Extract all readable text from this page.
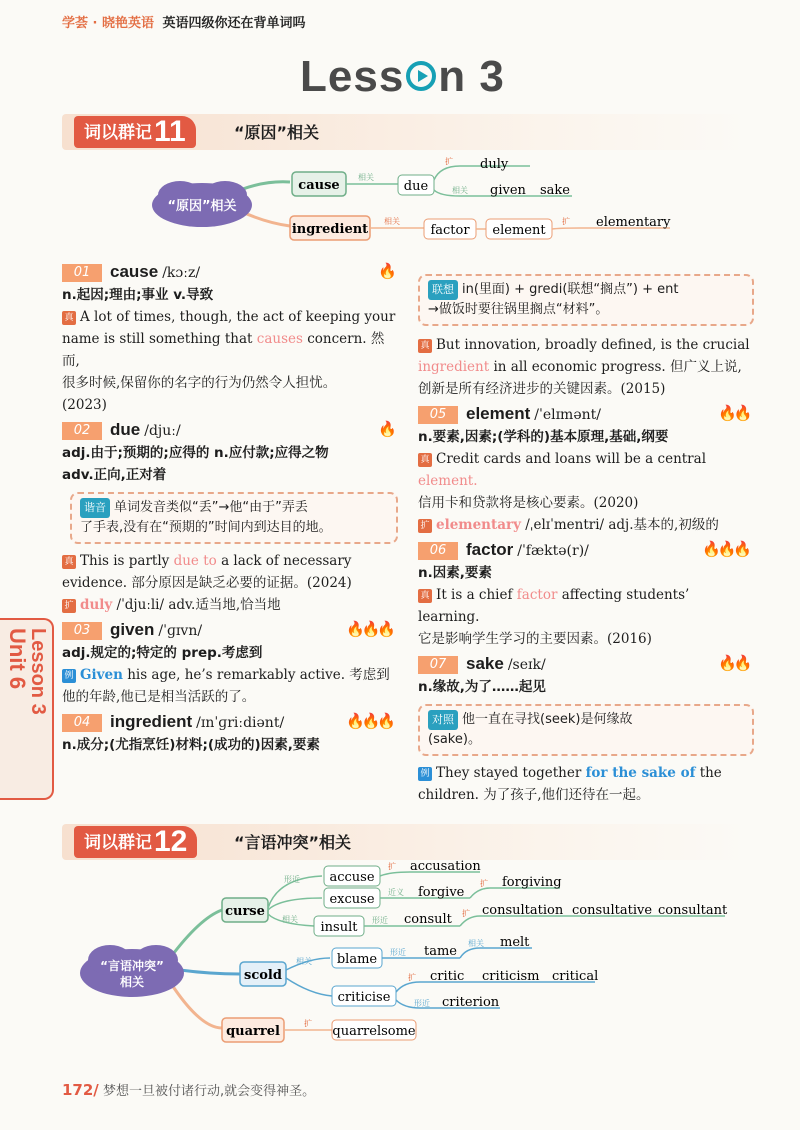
学荟 · 晓艳英语 英语四级你还在背单词吗
Less n 3
词以群记11	“原因”相关
“原因”相关
cause
相关
due
扩 duly
相关 given sake
ingredient
相关
factor element
扩 elementary
Unit 6
Lesson 3
01 cause /kɔːz/	🔥
n.起因;理由;事业 v.导致
真 A lot of times, though, the act of keeping your
name is still something that causes concern. 然而,
很多时候,保留你的名字的行为仍然令人担忧。
(2023)
02 due /djuː/	🔥
adj.由于;预期的;应得的 n.应付款;应得之物
adv.正向,正对着
谐音 单词发音类似“丢”→他“由于”弄丢
了手表,没有在“预期的”时间内到达目的地。
真 This is partly due to a lack of necessary
evidence. 部分原因是缺乏必要的证据。(2024)
扩 duly /ˈdjuːli/ adv.适当地,恰当地
03 given /ˈɡɪvn/	🔥🔥🔥
adj.规定的;特定的 prep.考虑到
例 Given his age, he’s remarkably active. 考虑到
他的年龄,他已是相当活跃的了。
04 ingredient /ɪnˈɡriːdiənt/	🔥🔥🔥
n.成分;(尤指烹饪)材料;(成功的)因素,要素
联想 in(里面) + gredi(联想“搁点”) + ent
→做饭时要往锅里搁点“材料”。
真 But innovation, broadly defined, is the crucial
ingredient in all economic progress. 但广义上说,
创新是所有经济进步的关键因素。(2015)
05 element /ˈelɪmənt/	🔥🔥
n.要素,因素;(学科的)基本原理,基础,纲要
真 Credit cards and loans will be a central element.
信用卡和贷款将是核心要素。(2020)
扩 elementary /ˌelɪˈmentri/ adj.基本的,初级的
06 factor /ˈfæktə(r)/	🔥🔥🔥
n.因素,要素
真 It is a chief factor affecting students’ learning.
它是影响学生学习的主要因素。(2016)
07 sake /seɪk/	🔥🔥
n.缘故,为了……起见
对照 他一直在寻找(seek)是何缘故
(sake)。
例 They stayed together for the sake of the
children. 为了孩子,他们还待在一起。
词以群记12	“言语冲突”相关
“言语冲突”
相关
curse
形近 accuse
扩 accusation
excuse 近义 forgive
扩 forgiving
相关
insult 形近 consult 扩 consultation consultative consultant
scold
相关 blame 形近 tame
相关 melt
criticise
扩 critic criticism critical
形近 criterion
quarrel
扩
quarrelsome
172/ 梦想一旦被付诸行动,就会变得神圣。
